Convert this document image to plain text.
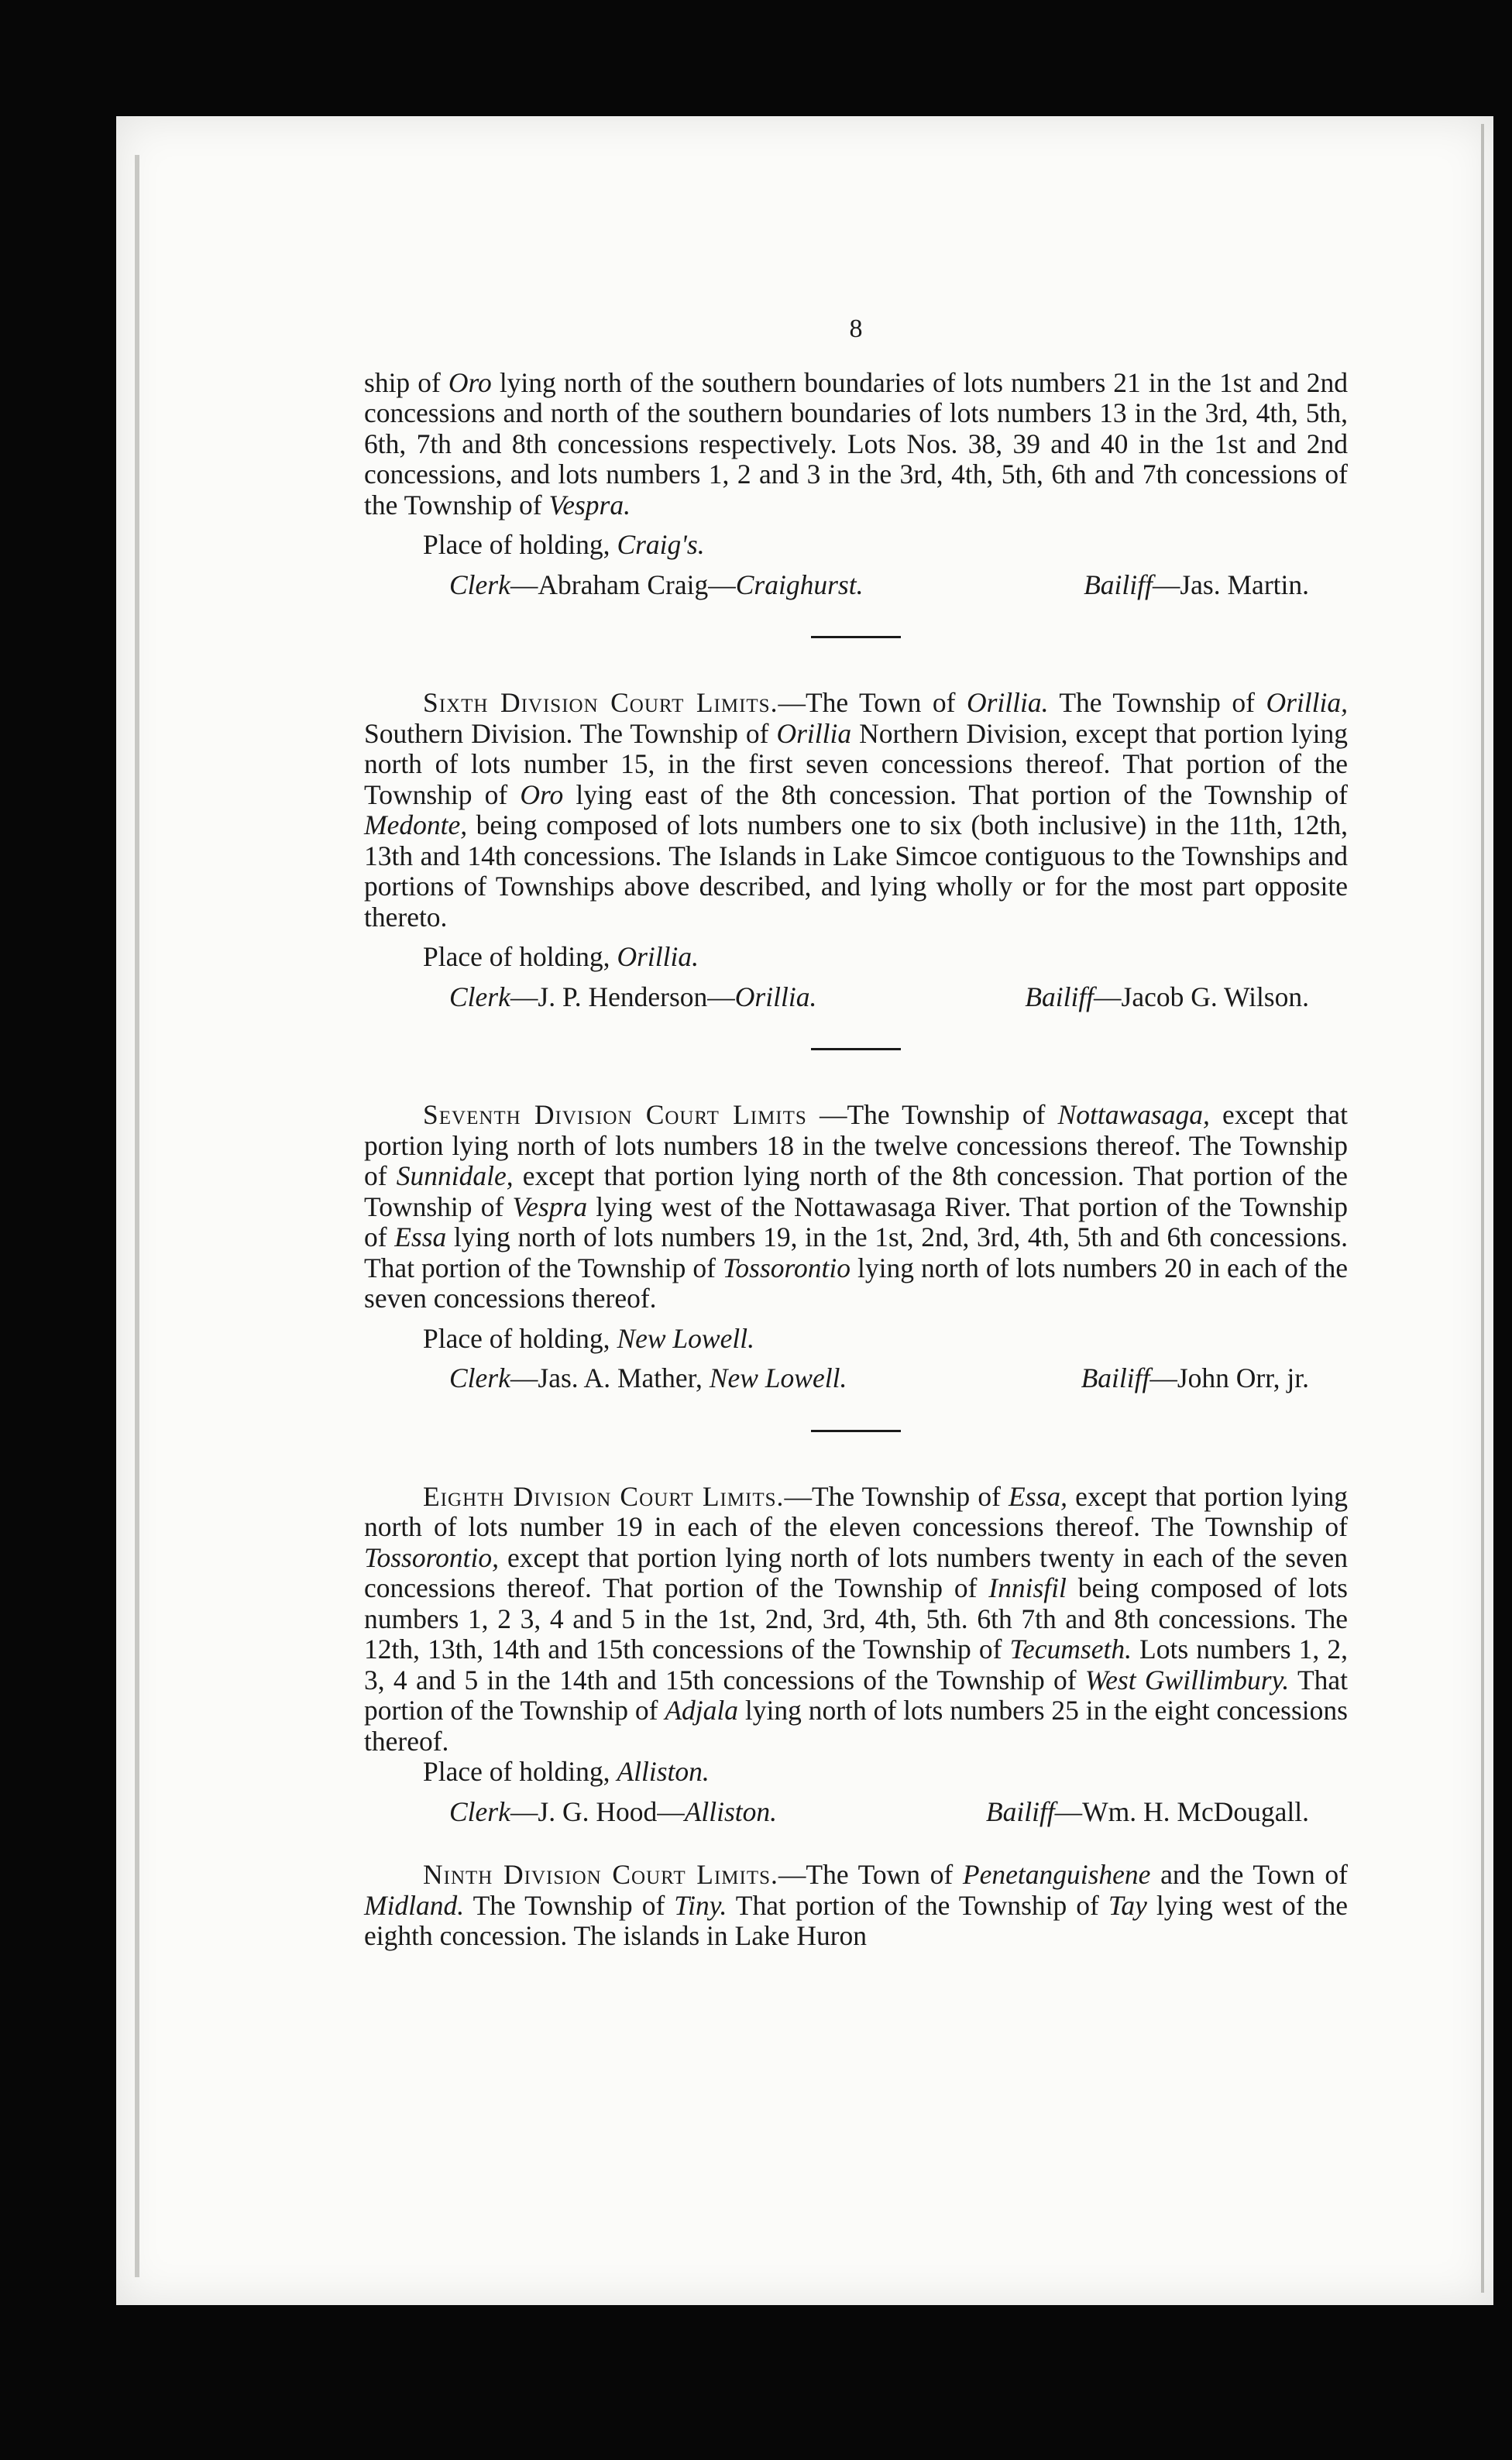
8

ship of Oro lying north of the southern boundaries of lots numbers 21 in the 1st and 2nd concessions and north of the southern boundaries of lots numbers 13 in the 3rd, 4th, 5th, 6th, 7th and 8th concessions respectively. Lots Nos. 38, 39 and 40 in the 1st and 2nd concessions, and lots numbers 1, 2 and 3 in the 3rd, 4th, 5th, 6th and 7th concessions of the Township of Vespra.

Place of holding, Craig's.
Clerk—Abraham Craig—Craighurst.	Bailiff—Jas. Martin.

Sixth Division Court Limits.—The Town of Orillia. The Township of Orillia, Southern Division. The Township of Orillia Northern Division, except that portion lying north of lots number 15, in the first seven concessions thereof. That portion of the Township of Oro lying east of the 8th concession. That portion of the Township of Medonte, being composed of lots numbers one to six (both inclusive) in the 11th, 12th, 13th and 14th concessions. The Islands in Lake Simcoe contiguous to the Townships and portions of Townships above described, and lying wholly or for the most part opposite thereto.

Place of holding, Orillia.
Clerk—J. P. Henderson—Orillia.	Bailiff—Jacob G. Wilson.

Seventh Division Court Limits —The Township of Nottawasaga, except that portion lying north of lots numbers 18 in the twelve concessions thereof. The Township of Sunnidale, except that portion lying north of the 8th concession. That portion of the Township of Vespra lying west of the Nottawasaga River. That portion of the Township of Essa lying north of lots numbers 19, in the 1st, 2nd, 3rd, 4th, 5th and 6th concessions. That portion of the Township of Tossorontio lying north of lots numbers 20 in each of the seven concessions thereof.

Place of holding, New Lowell.
Clerk—Jas. A. Mather, New Lowell.	Bailiff—John Orr, jr.

Eighth Division Court Limits.—The Township of Essa, except that portion lying north of lots number 19 in each of the eleven concessions thereof. The Township of Tossorontio, except that portion lying north of lots numbers twenty in each of the seven concessions thereof. That portion of the Township of Innisfil being composed of lots numbers 1, 2 3, 4 and 5 in the 1st, 2nd, 3rd, 4th, 5th. 6th 7th and 8th concessions. The 12th, 13th, 14th and 15th concessions of the Township of Tecumseth. Lots numbers 1, 2, 3, 4 and 5 in the 14th and 15th concessions of the Township of West Gwillimbury. That portion of the Township of Adjala lying north of lots numbers 25 in the eight concessions thereof.

Place of holding, Alliston.
Clerk—J. G. Hood—Alliston.	Bailiff—Wm. H. McDougall.

Ninth Division Court Limits.—The Town of Penetanguishene and the Town of Midland. The Township of Tiny. That portion of the Township of Tay lying west of the eighth concession. The islands in Lake Huron
